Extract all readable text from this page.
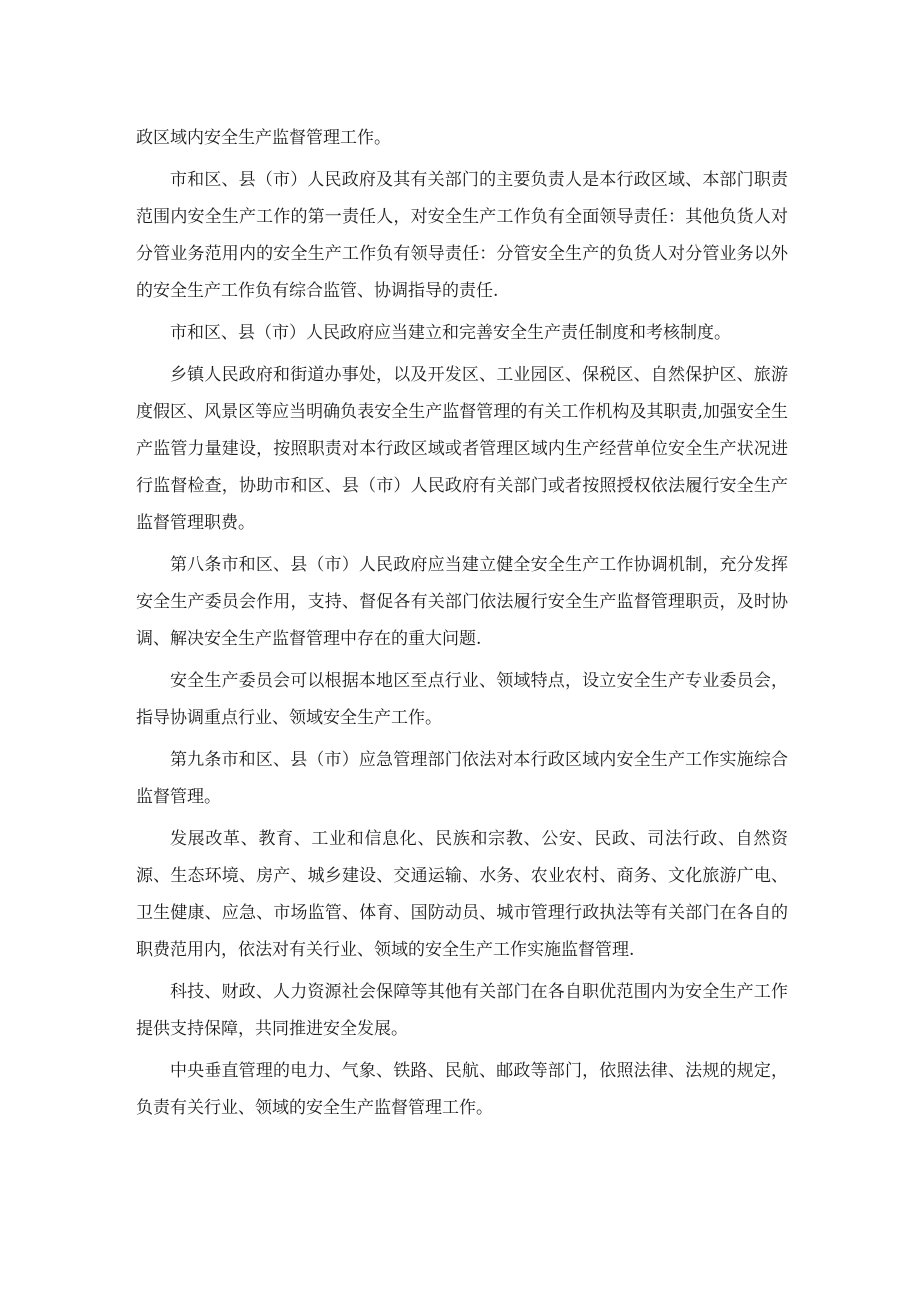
政区域内安全生产监督管理工作。

市和区、县（市）人民政府及其有关部门的主要负责人是本行政区域、本部门职责范围内安全生产工作的第一责任人，对安全生产工作负有全面领导责任：其他负货人对分管业务范用内的安全生产工作负有领导责任：分管安全生产的负货人对分管业务以外的安全生产工作负有综合监管、协调指导的责任.

市和区、县（市）人民政府应当建立和完善安全生产责任制度和考核制度。

乡镇人民政府和街道办事处，以及开发区、工业园区、保税区、自然保护区、旅游度假区、风景区等应当明确负表安全生产监督管理的有关工作机构及其职责,加强安全生产监管力量建设，按照职责对本行政区域或者管理区域内生产经营单位安全生产状况进行监督检查，协助市和区、县（市）人民政府有关部门或者按照授权依法履行安全生产监督管理职费。

第八条市和区、县（市）人民政府应当建立健全安全生产工作协调机制，充分发挥安全生产委员会作用，支持、督促各有关部门依法履行安全生产监督管理职贡，及时协调、解决安全生产监督管理中存在的重大问题.

安全生产委员会可以根据本地区至点行业、领域特点，设立安全生产专业委员会，指导协调重点行业、领域安全生产工作。

第九条市和区、县（市）应急管理部门依法对本行政区域内安全生产工作实施综合监督管理。

发展改革、教育、工业和信息化、民族和宗教、公安、民政、司法行政、自然资源、生态环境、房产、城乡建设、交通运输、水务、农业农村、商务、文化旅游广电、卫生健康、应急、市场监管、体育、国防动员、城市管理行政执法等有关部门在各自的职费范用内，依法对有关行业、领域的安全生产工作实施监督管理.

科技、财政、人力资源社会保障等其他有关部门在各自职优范围内为安全生产工作提供支持保障，共同推进安全发展。

中央垂直管理的电力、气象、铁路、民航、邮政等部门，依照法律、法规的规定，负责有关行业、领域的安全生产监督管理工作。
